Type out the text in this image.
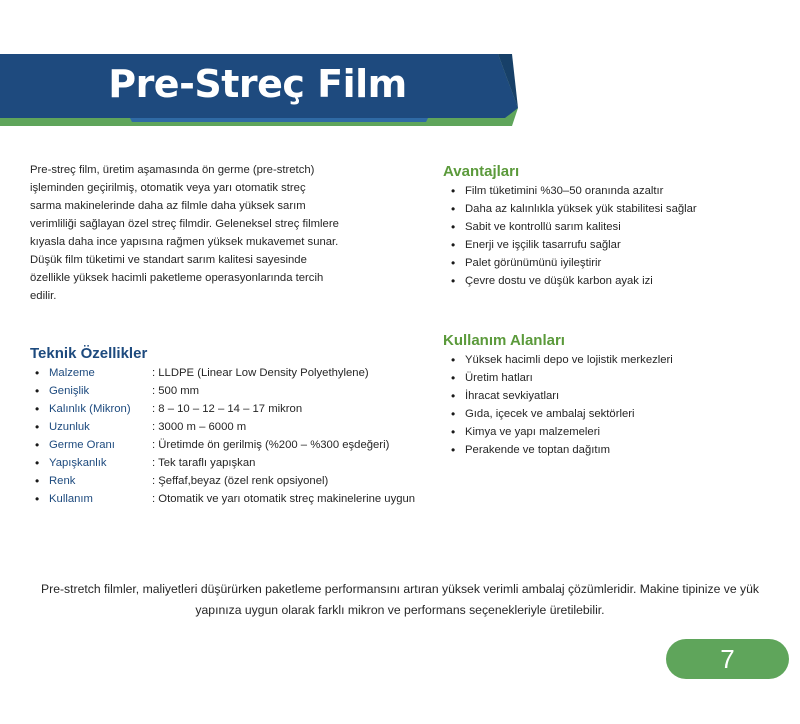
Pre-Streç Film

Pre-streç film, üretim aşamasında ön germe (pre-stretch) işleminden geçirilmiş, otomatik veya yarı otomatik streç sarma makinelerinde daha az filmle daha yüksek sarım verimliliği sağlayan özel streç filmdir. Geleneksel streç filmlere kıyasla daha ince yapısına rağmen yüksek mukavemet sunar. Düşük film tüketimi ve standart sarım kalitesi sayesinde özellikle yüksek hacimli paketleme operasyonlarında tercih edilir.

Avantajları
• Film tüketimini %30–50 oranında azaltır
• Daha az kalınlıkla yüksek yük stabilitesi sağlar
• Sabit ve kontrollü sarım kalitesi
• Enerji ve işçilik tasarrufu sağlar
• Palet görünümünü iyileştirir
• Çevre dostu ve düşük karbon ayak izi
Kullanım Alanları
• Yüksek hacimli depo ve lojistik merkezleri
• Üretim hatları
• İhracat sevkiyatları
• Gıda, içecek ve ambalaj sektörleri
• Kimya ve yapı malzemeleri
• Perakende ve toptan dağıtım
Teknik Özellikler
• Malzeme	: LLDPE (Linear Low Density Polyethylene)
• Genişlik	: 500 mm
• Kalınlık (Mikron) : 8 – 10 – 12 – 14 – 17 mikron
• Uzunluk	: 3000 m – 6000 m
• Germe Oranı	: Üretimde ön gerilmiş (%200 – %300 eşdeğeri)
• Yapışkanlık	: Tek taraflı yapışkan
• Renk	: Şeffaf,beyaz (özel renk opsiyonel)
• Kullanım	: Otomatik ve yarı otomatik streç makinelerine uygun

Pre-stretch filmler, maliyetleri düşürürken paketleme performansını artıran yüksek verimli ambalaj çözümleridir. Makine tipinize ve yük yapınıza uygun olarak farklı mikron ve performans seçenekleriyle üretilebilir.

7
